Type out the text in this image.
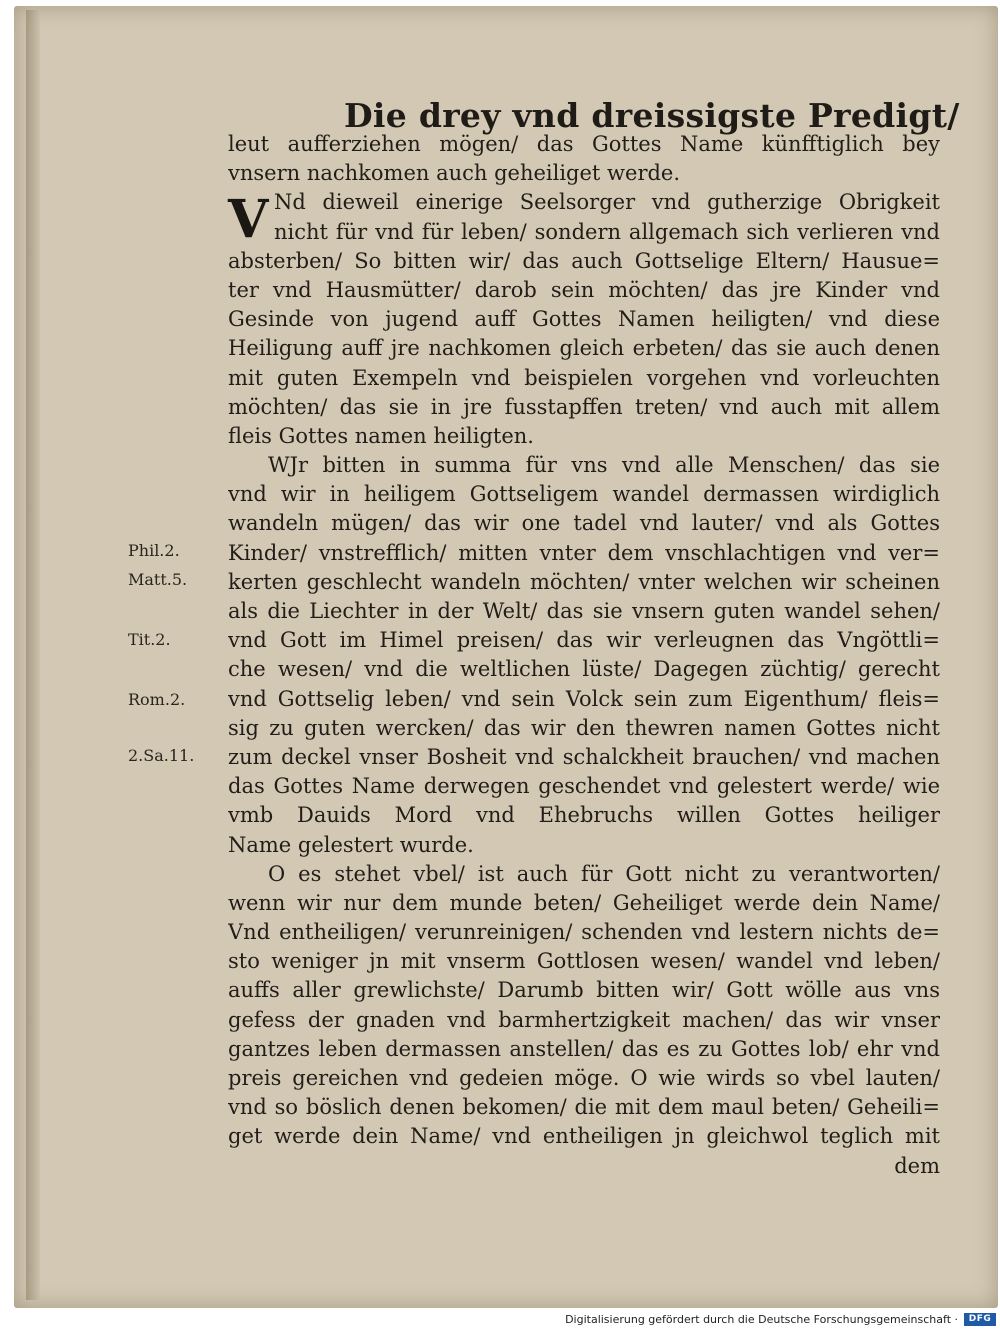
Die drey vnd dreissigste Predigt/
V
leut aufferziehen mögen/ das Gottes Name künfftiglich bey
vnsern nachkomen auch geheiliget werde.
Nd dieweil einerige Seelsorger vnd gutherzige Obrigkeit
nicht für vnd für leben/ sondern allgemach sich verlieren vnd
absterben/ So bitten wir/ das auch Gottselige Eltern/ Hausue=
ter vnd Hausmütter/ darob sein möchten/ das jre Kinder vnd
Gesinde von jugend auff Gottes Namen heiligten/ vnd diese
Heiligung auff jre nachkomen gleich erbeten/ das sie auch denen
mit guten Exempeln vnd beispielen vorgehen vnd vorleuchten
möchten/ das sie in jre fusstapffen treten/ vnd auch mit allem
fleis Gottes namen heiligten.
WJr bitten in summa für vns vnd alle Menschen/ das sie
vnd wir in heiligem Gottseligem wandel dermassen wirdiglich
wandeln mügen/ das wir one tadel vnd lauter/ vnd als Gottes
Kinder/ vnstrefflich/ mitten vnter dem vnschlachtigen vnd ver=
kerten geschlecht wandeln möchten/ vnter welchen wir scheinen
als die Liechter in der Welt/ das sie vnsern guten wandel sehen/
vnd Gott im Himel preisen/ das wir verleugnen das Vngöttli=
che wesen/ vnd die weltlichen lüste/ Dagegen züchtig/ gerecht
vnd Gottselig leben/ vnd sein Volck sein zum Eigenthum/ fleis=
sig zu guten wercken/ das wir den thewren namen Gottes nicht
zum deckel vnser Bosheit vnd schalckheit brauchen/ vnd machen
das Gottes Name derwegen geschendet vnd gelestert werde/ wie
vmb Dauids Mord vnd Ehebruchs willen Gottes heiliger
Name gelestert wurde.
O es stehet vbel/ ist auch für Gott nicht zu verantworten/
wenn wir nur dem munde beten/ Geheiliget werde dein Name/
Vnd entheiligen/ verunreinigen/ schenden vnd lestern nichts de=
sto weniger jn mit vnserm Gottlosen wesen/ wandel vnd leben/
auffs aller grewlichste/ Darumb bitten wir/ Gott wölle aus vns
gefess der gnaden vnd barmhertzigkeit machen/ das wir vnser
gantzes leben dermassen anstellen/ das es zu Gottes lob/ ehr vnd
preis gereichen vnd gedeien möge. O wie wirds so vbel lauten/
vnd so böslich denen bekomen/ die mit dem maul beten/ Geheili=
get werde dein Name/ vnd entheiligen jn gleichwol teglich mit
dem
Phil.2.
Matt.5.
Tit.2.
Rom.2.
2.Sa.11.
Digitalisierung gefördert durch die Deutsche Forschungsgemeinschaft ·	DFG
